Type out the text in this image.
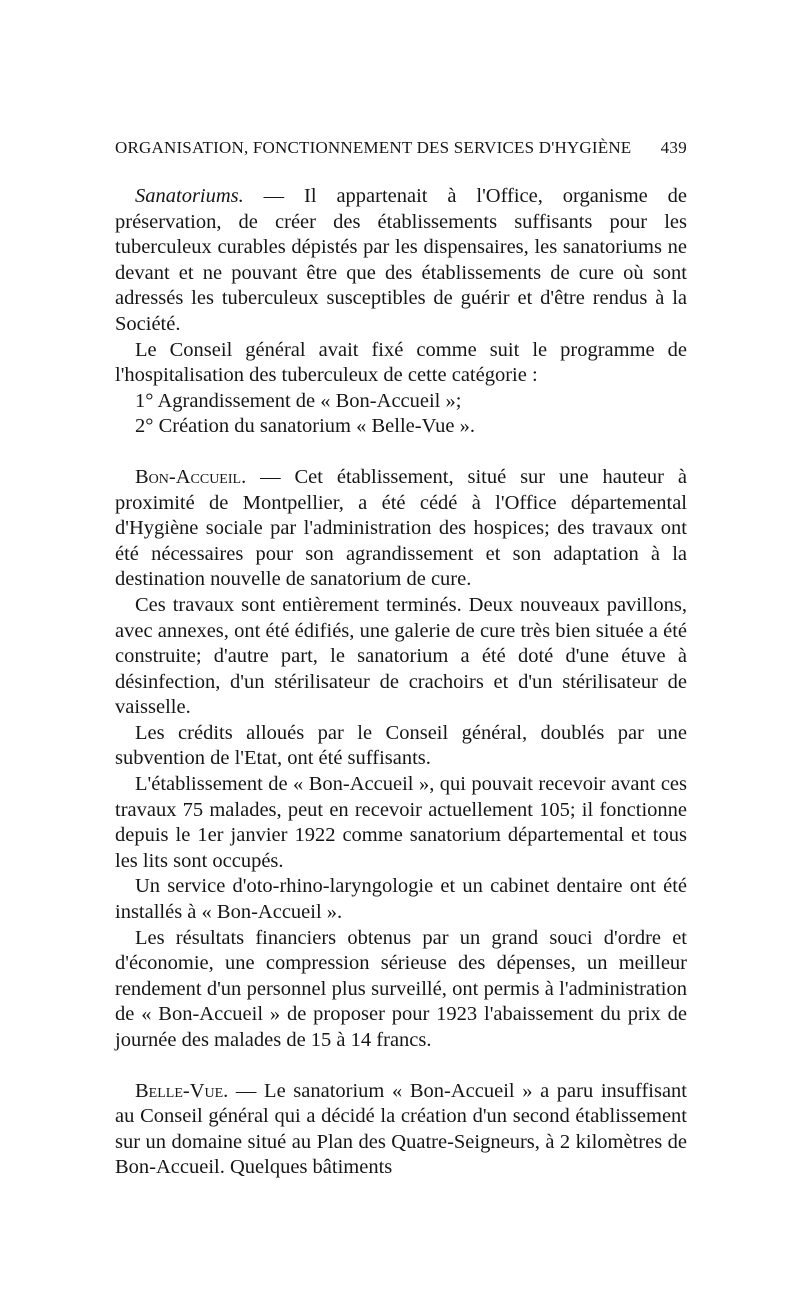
ORGANISATION, FONCTIONNEMENT DES SERVICES D'HYGIÈNE 439

Sanatoriums. — Il appartenait à l'Office, organisme de préservation, de créer des établissements suffisants pour les tuberculeux curables dépistés par les dispensaires, les sanatoriums ne devant et ne pouvant être que des établissements de cure où sont adressés les tuberculeux susceptibles de guérir et d'être rendus à la Société.

Le Conseil général avait fixé comme suit le programme de l'hospitalisation des tuberculeux de cette catégorie :

1° Agrandissement de « Bon-Accueil »;

2° Création du sanatorium « Belle-Vue ».

Bon-Accueil. — Cet établissement, situé sur une hauteur à proximité de Montpellier, a été cédé à l'Office départemental d'Hygiène sociale par l'administration des hospices; des travaux ont été nécessaires pour son agrandissement et son adaptation à la destination nouvelle de sanatorium de cure.

Ces travaux sont entièrement terminés. Deux nouveaux pavillons, avec annexes, ont été édifiés, une galerie de cure très bien située a été construite; d'autre part, le sanatorium a été doté d'une étuve à désinfection, d'un stérilisateur de crachoirs et d'un stérilisateur de vaisselle.

Les crédits alloués par le Conseil général, doublés par une subvention de l'Etat, ont été suffisants.

L'établissement de « Bon-Accueil », qui pouvait recevoir avant ces travaux 75 malades, peut en recevoir actuellement 105; il fonctionne depuis le 1er janvier 1922 comme sanatorium départemental et tous les lits sont occupés.

Un service d'oto-rhino-laryngologie et un cabinet dentaire ont été installés à « Bon-Accueil ».

Les résultats financiers obtenus par un grand souci d'ordre et d'économie, une compression sérieuse des dépenses, un meilleur rendement d'un personnel plus surveillé, ont permis à l'administration de « Bon-Accueil » de proposer pour 1923 l'abaissement du prix de journée des malades de 15 à 14 francs.

Belle-Vue. — Le sanatorium « Bon-Accueil » a paru insuffisant au Conseil général qui a décidé la création d'un second établissement sur un domaine situé au Plan des Quatre-Seigneurs, à 2 kilomètres de Bon-Accueil. Quelques bâtiments
